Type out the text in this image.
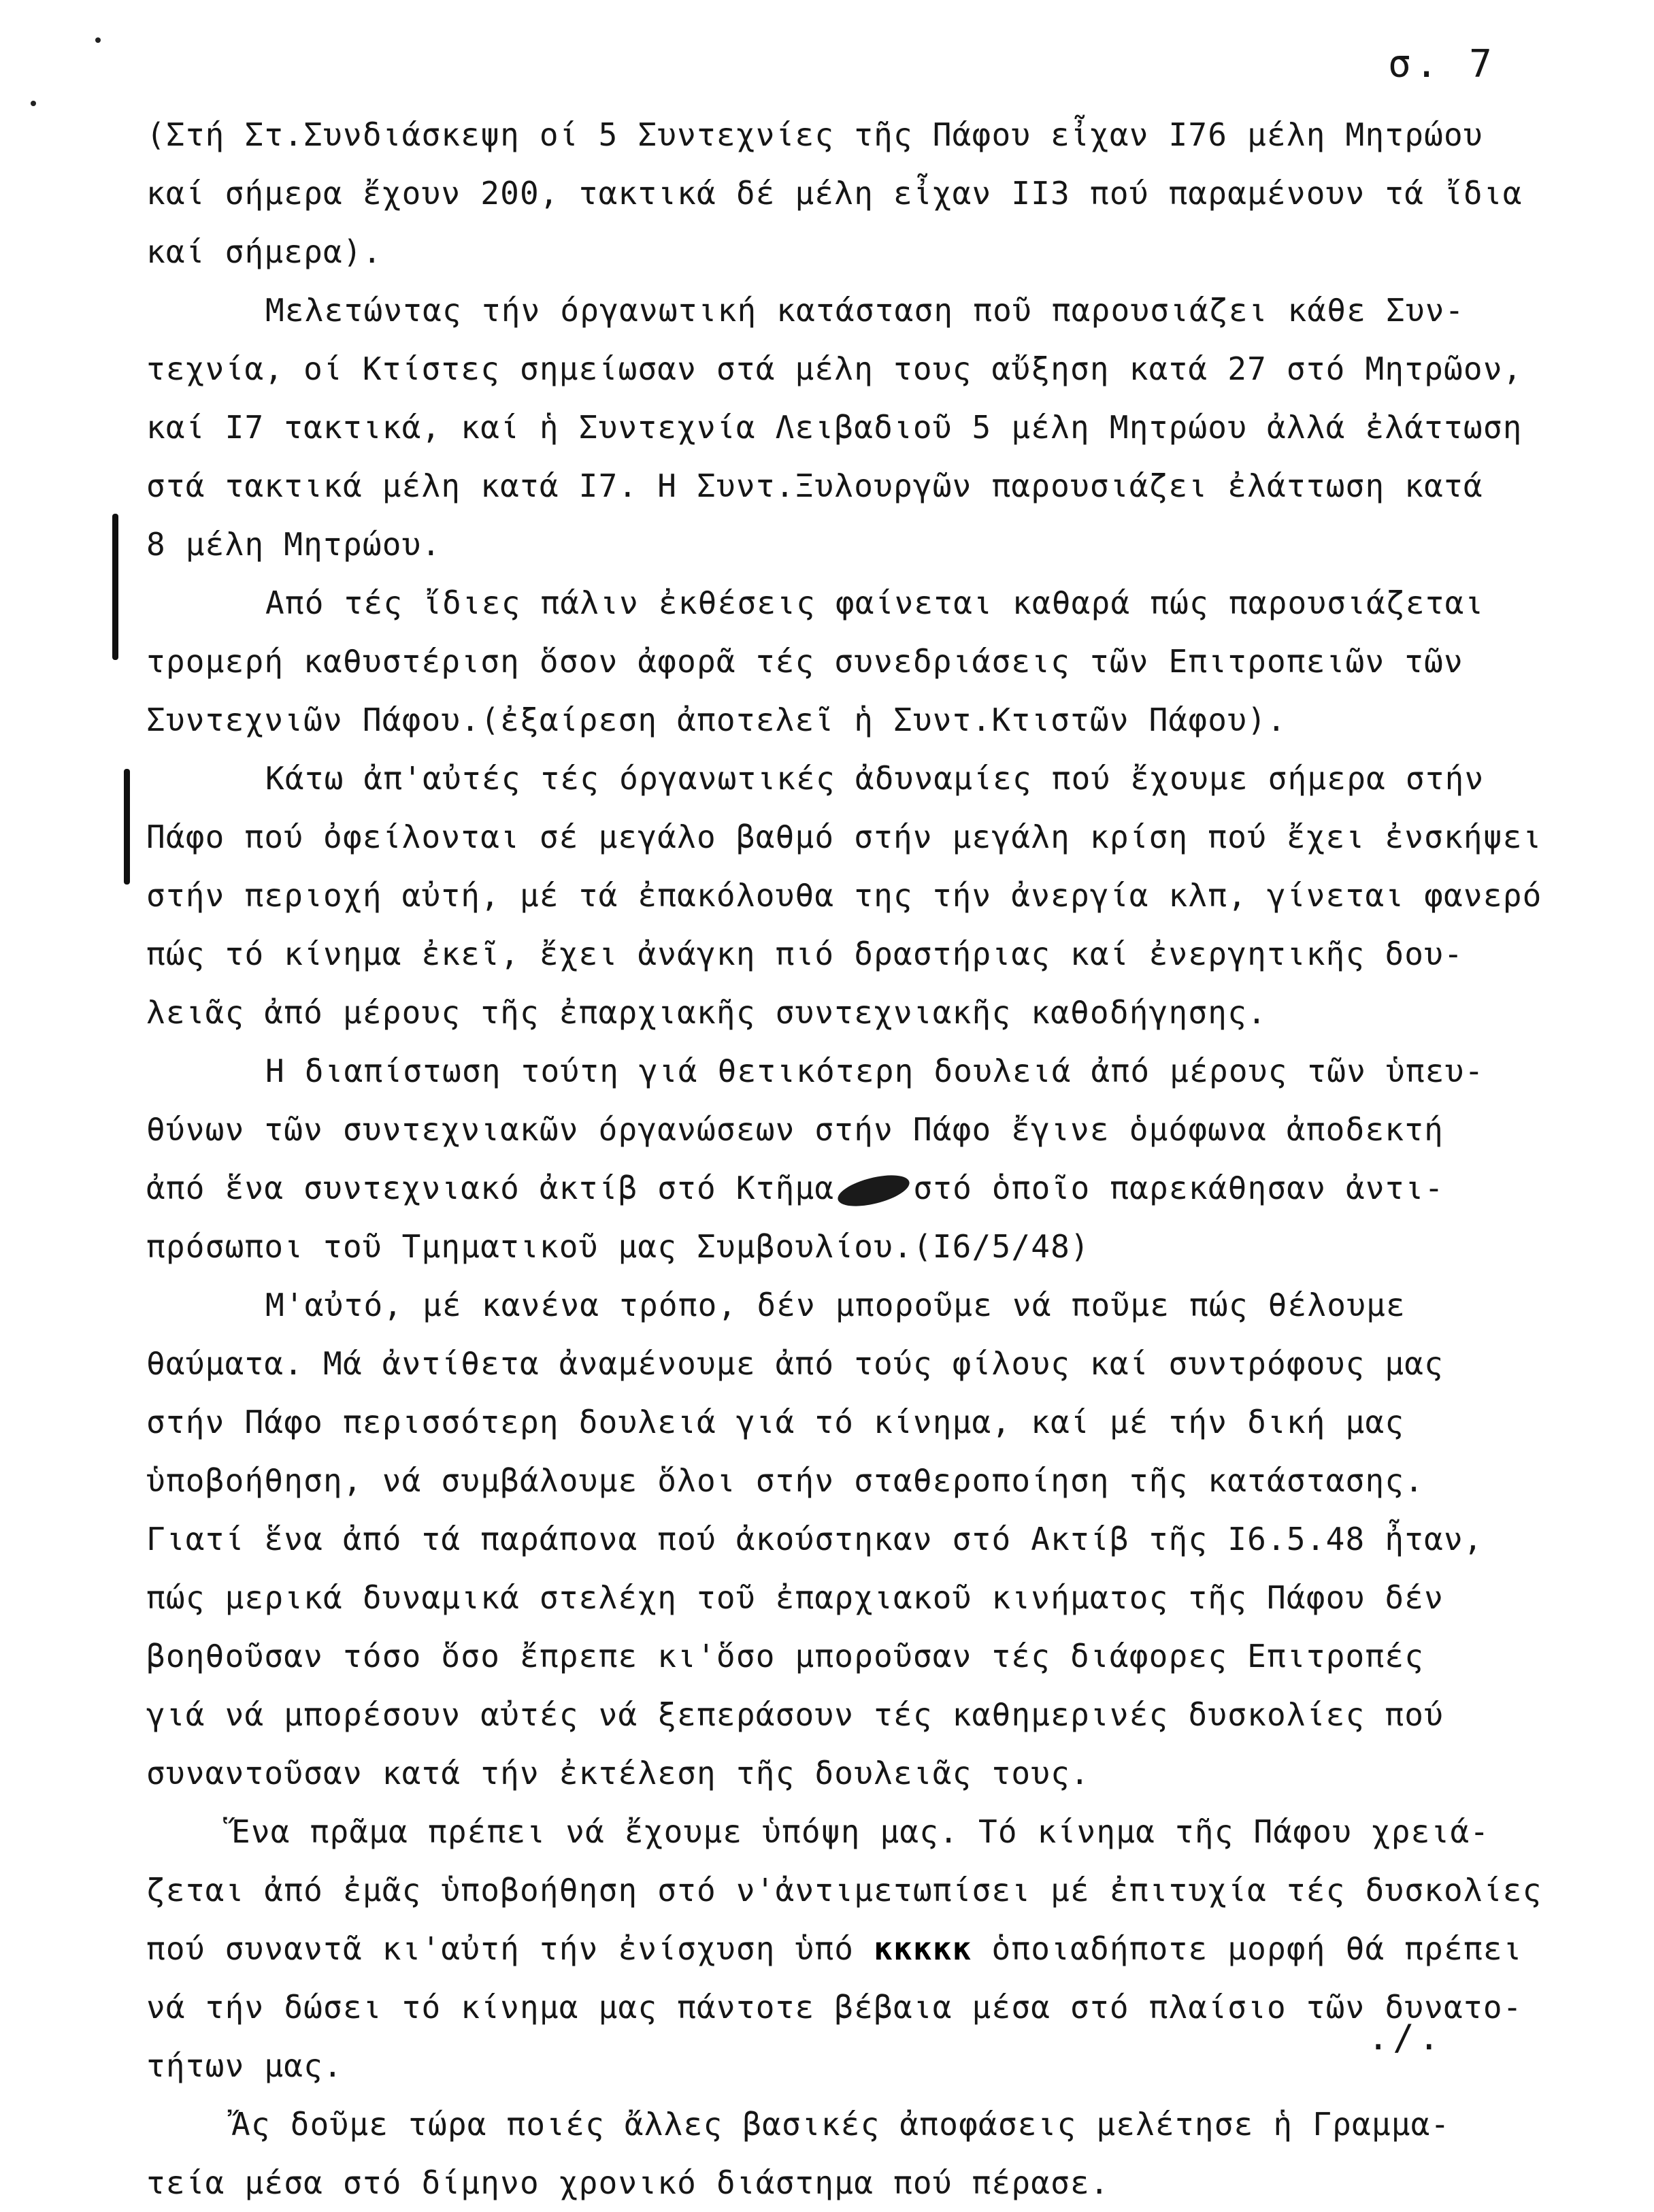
σ. 7
(Στή Στ.Συνδιάσκεψη οί 5 Συντεχνίες τῆς Πάφου εἶχαν Ι76 μέλη Μητρώου
καί σήμερα ἔχουν 200, τακτικά δέ μέλη εἶχαν ΙΙ3 πού παραμένουν τά ἴδια
καί σήμερα).
Μελετώντας τήν όργανωτική κατάσταση ποῦ παρουσιάζει κάθε Συν-
τεχνία, οί Κτίστες σημείωσαν στά μέλη τους αὔξηση κατά 27 στό Μητρῶον,
καί Ι7 τακτικά, καί ἡ Συντεχνία Λειβαδιοῦ 5 μέλη Μητρώου ἀλλά ἐλάττωση
στά τακτικά μέλη κατά Ι7. Η Συντ.Ξυλουργῶν παρουσιάζει ἐλάττωση κατά
8 μέλη Μητρώου.
Από τές ἴδιες πάλιν ἐκθέσεις φαίνεται καθαρά πώς παρουσιάζεται
τρομερή καθυστέριση ὅσον ἀφορᾶ τές συνεδριάσεις τῶν Επιτροπειῶν τῶν
Συντεχνιῶν Πάφου.(ἐξαίρεση ἀποτελεῖ ἡ Συντ.Κτιστῶν Πάφου).
Κάτω ἀπ'αὐτές τές όργανωτικές ἀδυναμίες πού ἔχουμε σήμερα στήν
Πάφο πού ὀφείλονται σέ μεγάλο βαθμό στήν μεγάλη κρίση πού ἔχει ἐνσκήψει
στήν περιοχή αὐτή, μέ τά ἐπακόλουθα της τήν ἀνεργία κλπ, γίνεται φανερό
πώς τό κίνημα ἐκεῖ, ἔχει ἀνάγκη πιό δραστήριας καί ἐνεργητικῆς δου-
λειᾶς ἀπό μέρους τῆς ἐπαρχιακῆς συντεχνιακῆς καθοδήγησης.
Η διαπίστωση τούτη γιά θετικότερη δουλειά ἀπό μέρους τῶν ὑπευ-
θύνων τῶν συντεχνιακῶν όργανώσεων στήν Πάφο ἔγινε ὁμόφωνα ἀποδεκτή
ἀπό ἕνα συντεχνιακό ἀκτίβ στό Κτῆμα	στό ὁποῖο παρεκάθησαν ἀντι-
πρόσωποι τοῦ Τμηματικοῦ μας Συμβουλίου.(Ι6/5/48)
Μ'αὐτό, μέ κανένα τρόπο, δέν μποροῦμε νά ποῦμε πώς θέλουμε
θαύματα. Μά ἀντίθετα ἀναμένουμε ἀπό τούς φίλους καί συντρόφους μας
στήν Πάφο περισσότερη δουλειά γιά τό κίνημα, καί μέ τήν δική μας
ὑποβοήθηση, νά συμβάλουμε ὅλοι στήν σταθεροποίηση τῆς κατάστασης.
Γιατί ἕνα ἀπό τά παράπονα πού ἀκούστηκαν στό Ακτίβ τῆς Ι6.5.48 ἦταν,
πώς μερικά δυναμικά στελέχη τοῦ ἐπαρχιακοῦ κινήματος τῆς Πάφου δέν
βοηθοῦσαν τόσο ὅσο ἔπρεπε κι'ὅσο μποροῦσαν τές διάφορες Επιτροπές
γιά νά μπορέσουν αὐτές νά ξεπεράσουν τές καθημερινές δυσκολίες πού
συναντοῦσαν κατά τήν ἐκτέλεση τῆς δουλειᾶς τους.
Ἕνα πρᾶμα πρέπει νά ἔχουμε ὑπόψη μας. Τό κίνημα τῆς Πάφου χρειά-
ζεται ἀπό ἐμᾶς ὑποβοήθηση στό ν'ἀντιμετωπίσει μέ ἐπιτυχία τές δυσκολίες
πού συναντᾶ κι'αὐτή τήν ἐνίσχυση ὑπό κκκκκ ὁποιαδήποτε μορφή θά πρέπει
νά τήν δώσει τό κίνημα μας πάντοτε βέβαια μέσα στό πλαίσιο τῶν δυνατο-
τήτων μας.
Ἄς δοῦμε τώρα ποιές ἄλλες βασικές ἀποφάσεις μελέτησε ἡ Γραμμα-
τεία μέσα στό δίμηνο χρονικό διάστημα πού πέρασε.
./.
